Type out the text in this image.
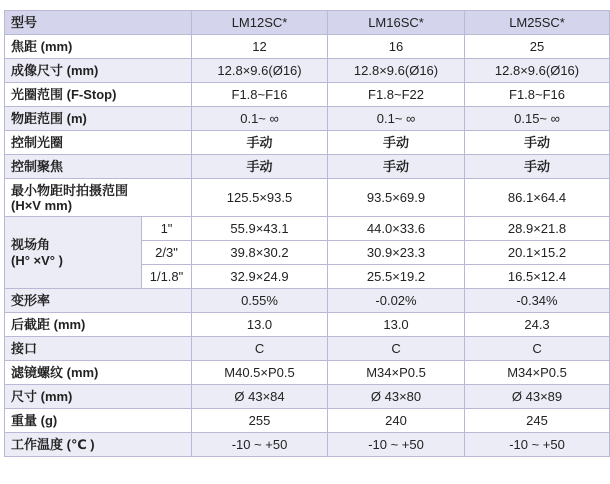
型号		LM12SC*	LM16SC*	LM25SC*
焦距 (mm)		12	16	25
成像尺寸 (mm)		12.8×9.6(Ø16)	12.8×9.6(Ø16)	12.8×9.6(Ø16)
光圈范围 (F-Stop)		F1.8~F16	F1.8~F22	F1.8~F16
物距范围 (m)		0.1~ ∞	0.1~ ∞	0.15~ ∞
控制光圈		手动	手动	手动
控制聚焦		手动	手动	手动
最小物距时拍摄范围
(H×V mm)		125.5×93.5	93.5×69.9	86.1×64.4
视场角
(H° ×V° )	1"	55.9×43.1	44.0×33.6	28.9×21.8
	2/3"	39.8×30.2	30.9×23.3	20.1×15.2
	1/1.8"	32.9×24.9	25.5×19.2	16.5×12.4
变形率		0.55%	-0.02%	-0.34%
后截距 (mm)		13.0	13.0	24.3
接口		C	C	C
滤镜螺纹 (mm)		M40.5×P0.5	M34×P0.5	M34×P0.5
尺寸 (mm)		Ø 43×84	Ø 43×80	Ø 43×89
重量 (g)		255	240	245
工作温度 (℃ )		-10 ~ +50	-10 ~ +50	-10 ~ +50
